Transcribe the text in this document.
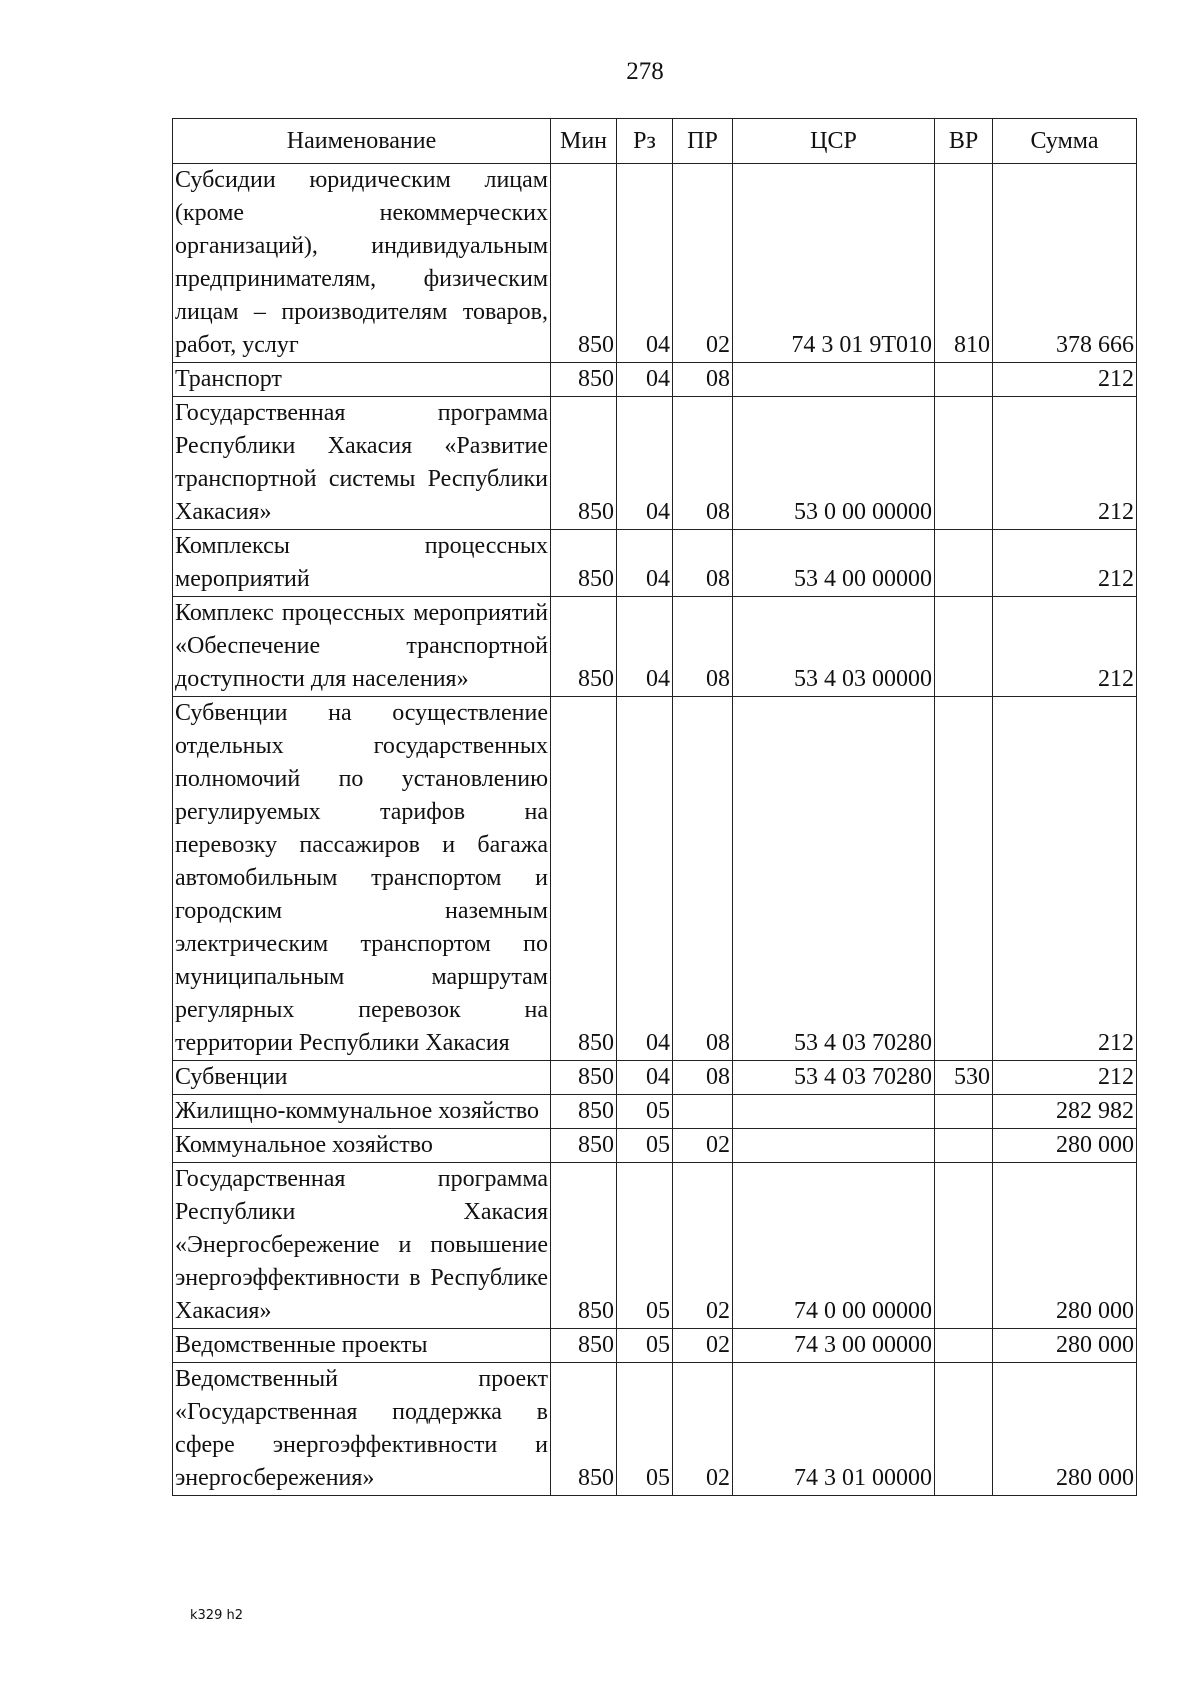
278
Наименование	Мин	Рз	ПР	ЦСР	ВР	Сумма
Субсидии юридическим лицам (кроме некоммерческих организаций), индивидуальным предпринимателям, физическим лицам – производителям товаров, работ, услуг	850	04	02	74 3 01 9Т010	810	378 666
Транспорт	850	04	08			212
Государственная программа Республики Хакасия «Развитие транспортной системы Республики Хакасия»	850	04	08	53 0 00 00000		212
Комплексы процессных мероприятий	850	04	08	53 4 00 00000		212
Комплекс процессных мероприятий «Обеспечение транспортной доступности для населения»	850	04	08	53 4 03 00000		212
Субвенции на осуществление отдельных государственных полномочий по установлению регулируемых тарифов на перевозку пассажиров и багажа автомобильным транспортом и городским наземным электрическим транспортом по муниципальным маршрутам регулярных перевозок на территории Республики Хакасия	850	04	08	53 4 03 70280		212
Субвенции	850	04	08	53 4 03 70280	530	212
Жилищно-коммунальное хозяйство	850	05				282 982
Коммунальное хозяйство	850	05	02			280 000
Государственная программа Республики Хакасия «Энергосбережение и повышение энергоэффективности в Республике Хакасия»	850	05	02	74 0 00 00000		280 000
Ведомственные проекты	850	05	02	74 3 00 00000		280 000
Ведомственный проект «Государственная поддержка в сфере энергоэффективности и энергосбережения»	850	05	02	74 3 01 00000		280 000
k329 h2
